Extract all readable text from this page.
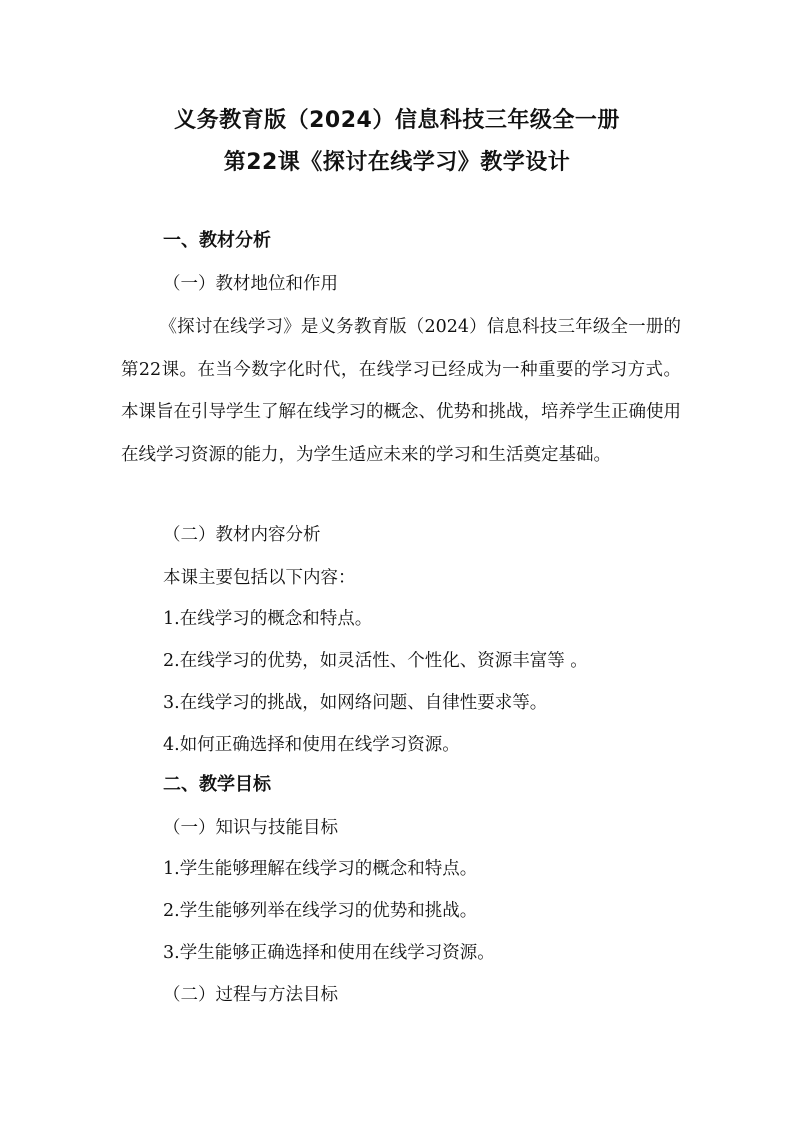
义务教育版（2024）信息科技三年级全一册
第22课《探讨在线学习》教学设计
一、教材分析
（一）教材地位和作用
《探讨在线学习》是义务教育版（2024）信息科技三年级全一册的第22课。在当今数字化时代，在线学习已经成为一种重要的学习方式。本课旨在引导学生了解在线学习的概念、优势和挑战，培养学生正确使用在线学习资源的能力，为学生适应未来的学习和生活奠定基础。
（二）教材内容分析
本课主要包括以下内容：
1.在线学习的概念和特点。
2.在线学习的优势，如灵活性、个性化、资源丰富等 。
3.在线学习的挑战，如网络问题、自律性要求等。
4.如何正确选择和使用在线学习资源。
二、教学目标
（一）知识与技能目标
1.学生能够理解在线学习的概念和特点。
2.学生能够列举在线学习的优势和挑战。
3.学生能够正确选择和使用在线学习资源。
（二）过程与方法目标
